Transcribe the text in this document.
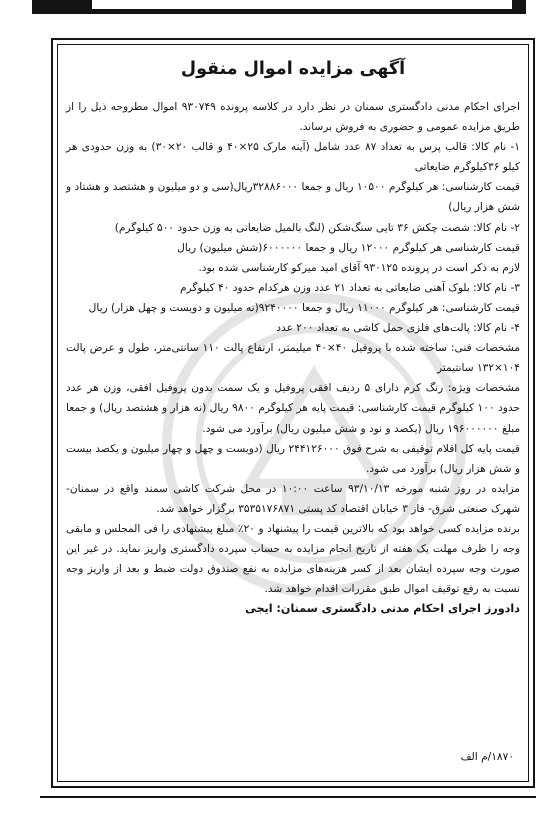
آگهی مزایده اموال منقول

اجرای احکام مدنی دادگستری سمنان در نظر دارد در کلاسه پرونده ۹۳۰۷۴۹ اموال مطروحه ذیل را از طریق مزایده عمومی و حضوری به فروش برساند.

۱- نام کالا: قالب پرس به تعداد ۸۷ عدد شامل (آینه مارک ۲۵×۴۰ و قالب ۲۰×۳۰) به وزن حدودی هر کیلو ۳۶کیلوگرم ضایعاتی

قیمت کارشناسی: هر کیلوگرم ۱۰۵۰۰ ریال و جمعا ۳۲۸۸۶۰۰۰ریال(سی و دو میلیون و هشتصد و هشتاد و شش هزار ریال)

۲- نام کالا: شصت چکش ۳۶ تایی سنگ‌شکن (لنگ بالمیل ضایعاتی به وزن حدود ۵۰۰ کیلوگرم)

قیمت کارشناسی هر کیلوگرم ۱۲۰۰۰ ریال و جمعا ۶۰۰۰۰۰۰(شش میلیون) ریال

لازم به ذکر است در پرونده ۹۳۰۱۲۵ آقای امید میرکو کارشناسی شده بود.

۳- نام کالا: بلوک آهنی ضایعاتی به تعداد ۲۱ عدد وزن هرکدام حدود ۴۰ کیلوگرم

قیمت کارشناسی: هر کیلوگرم ۱۱۰۰۰ ریال و جمعا ۹۲۴۰۰۰۰(نه میلیون و دویست و چهل هزار) ریال

۴- نام کالا: پالت‌های فلزی حمل کاشی به تعداد ۲۰۰ عدد

مشخصات فنی: ساخته شده با پروفیل ۴۰×۴۰ میلیمتر، ارتفاع پالت ۱۱۰ سانتی‌متر، طول و عرض پالت ۱۰۴×۱۳۲ سانتیمتر

مشخصات ویژه: رنگ کرم دارای ۵ ردیف افقی پروفیل و یک سمت بدون پروفیل افقی، وزن هر عدد حدود ۱۰۰ کیلوگرم قیمت کارشناسی: قیمت پایه هر کیلوگرم ۹۸۰۰ ریال (نه هزار و هشتصد ریال) و جمعا مبلغ ۱۹۶۰۰۰۰۰۰ ریال (یکصد و نود و شش میلیون ریال) برآورد می شود.

قیمت پایه کل اقلام توقیفی به شرح فوق ۲۴۴۱۲۶۰۰۰ ریال (دویست و چهل و چهار میلیون و یکصد بیست و شش هزار ریال) برآورد می شود.

مزایده در روز شنبه مورخه ۹۳/۱۰/۱۳ ساعت ۱۰:۰۰ در محل شرکت کاشی سمند واقع در سمنان- شهرک صنعتی شرق- فاز ۳ خیابان اقتصاد کد پستی ۳۵۳۵۱۷۶۸۷۱ برگزار خواهد شد.

برنده مزایده کسی خواهد بود که بالاترین قیمت را پیشنهاد و ۲۰٪ مبلغ پیشنهادی را فی المجلس و مابقی وجه را ظرف مهلت یک هفته از تاریخ انجام مزایده به حساب سپرده دادگستری واریز نماید. در غیر این صورت وجه سپرده ایشان بعد از کسر هزینه‌های مزایده به نفع صندوق دولت ضبط و بعد از واریز وجه نسبت به رفع توقیف اموال طبق مقررات اقدام خواهد شد.

دادورز اجرای احکام مدنی دادگستری سمنان: ایجی

۱۸۷۰/م الف
